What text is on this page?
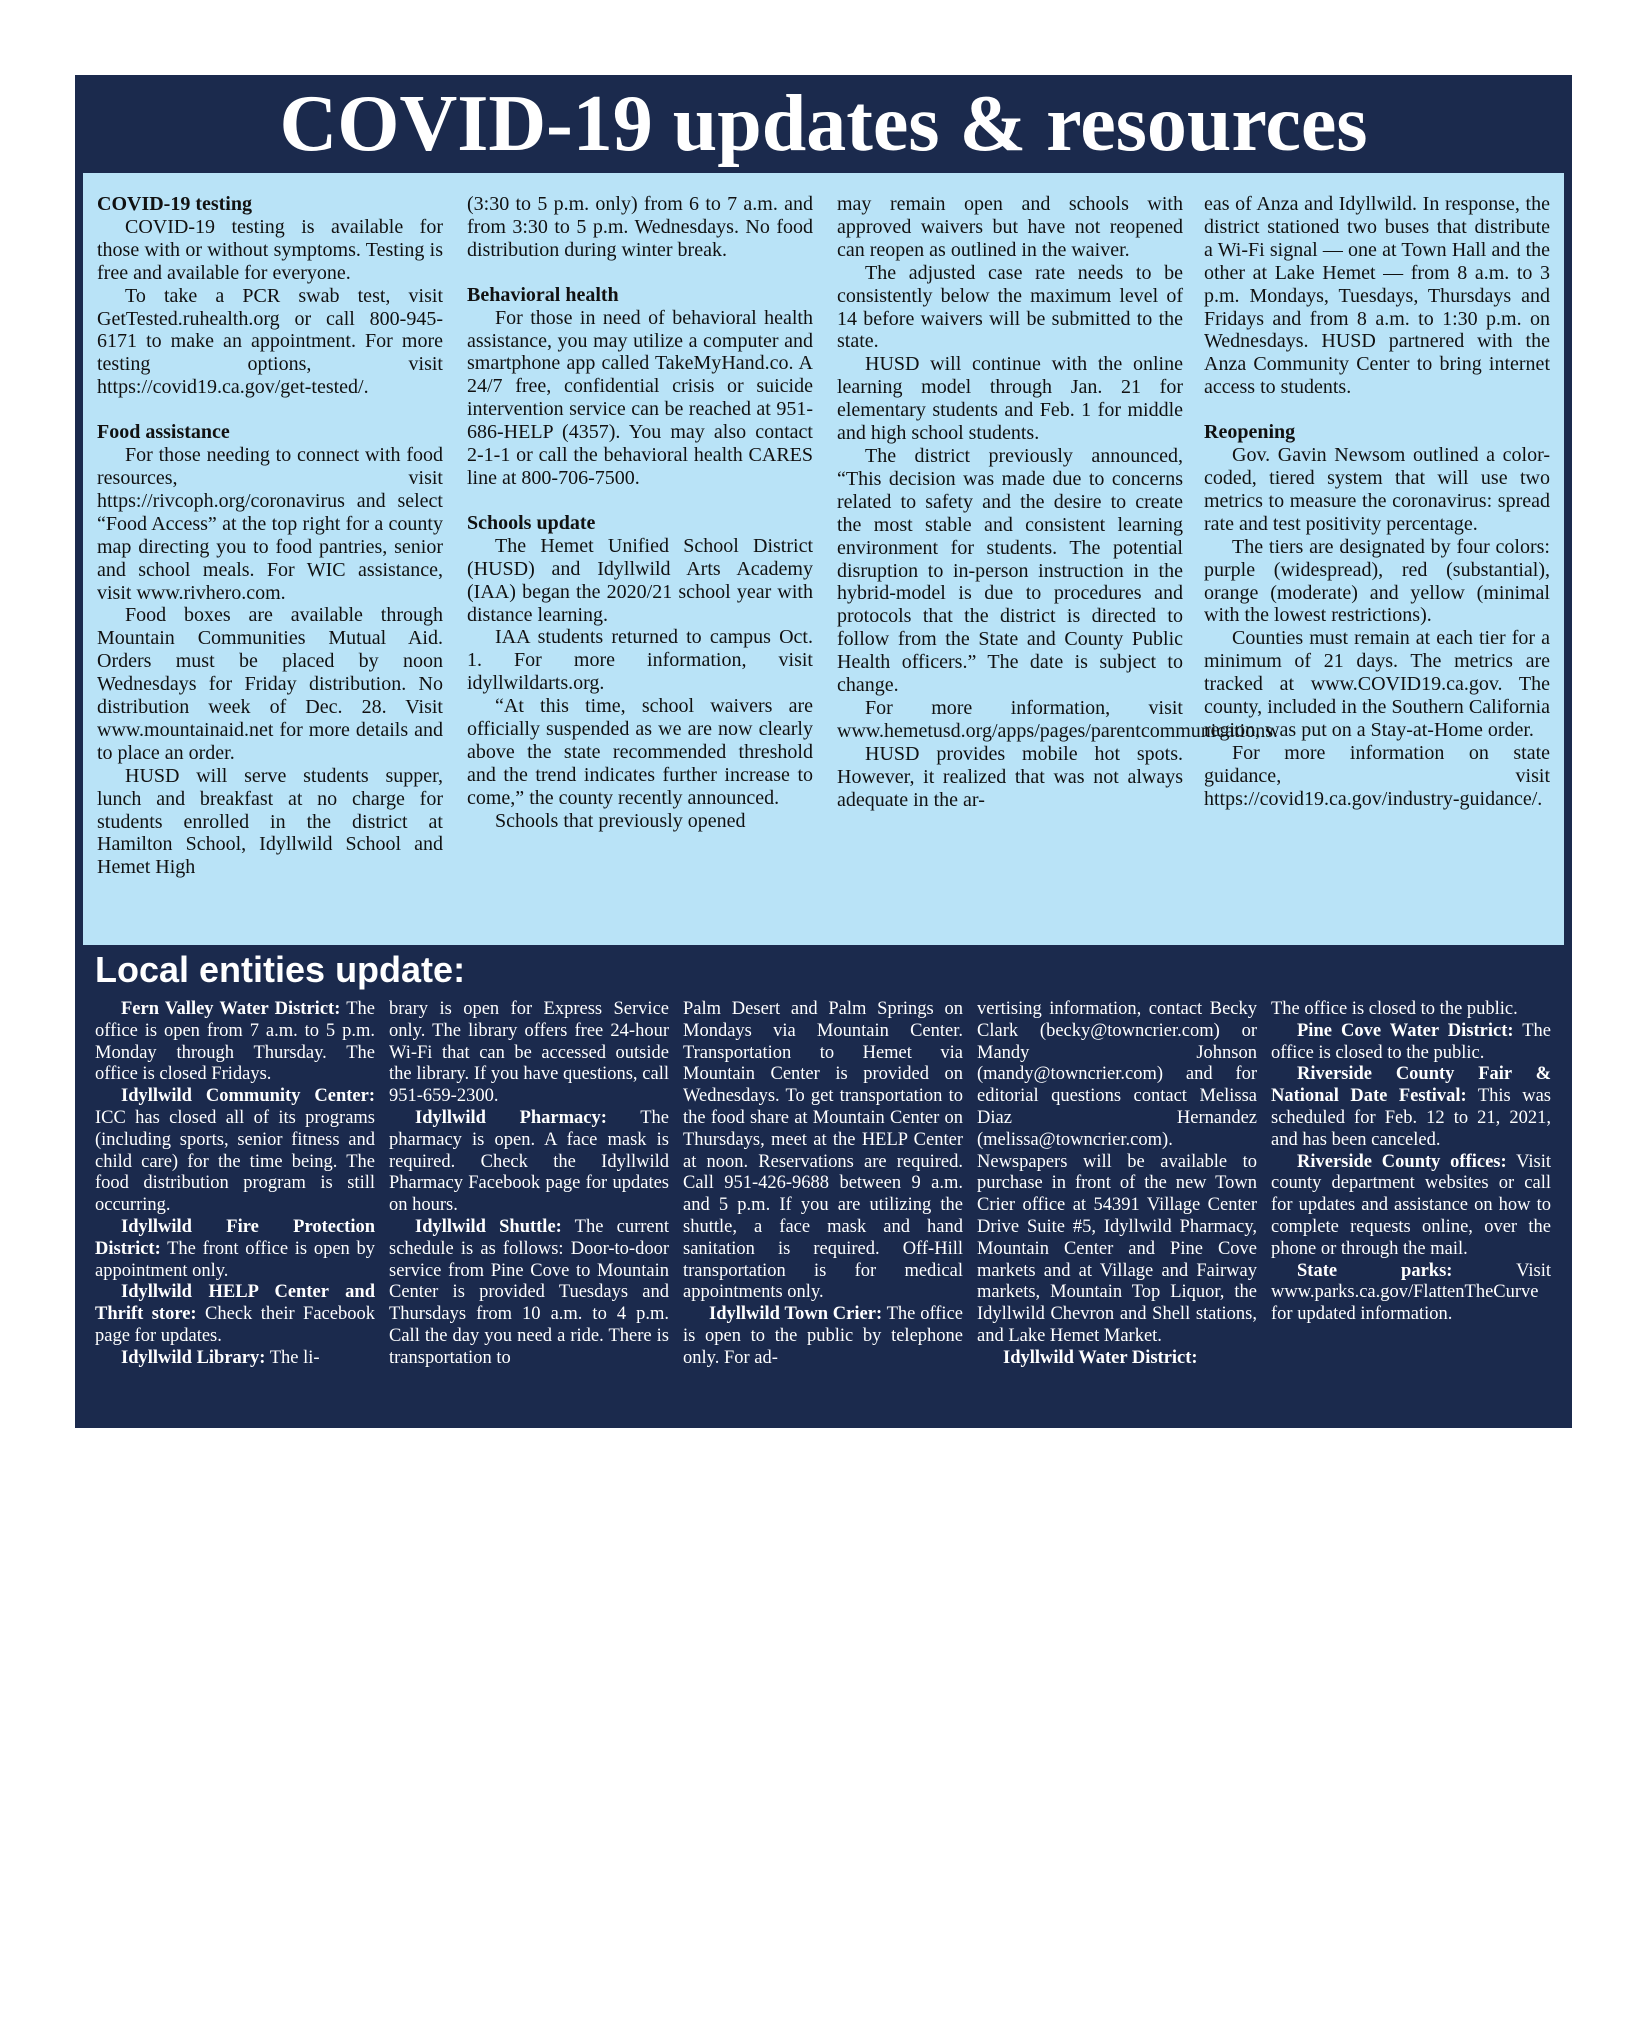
COVID-19 updates & resources
COVID-19 testing

COVID-19 testing is available for those with or without symptoms. Testing is free and available for everyone.

To take a PCR swab test, visit GetTested.ruhealth.org or call 800-945-6171 to make an appointment. For more testing options, visit https://covid19.ca.gov/get-tested/.

Food assistance

For those needing to connect with food resources, visit https://rivcoph.org/coronavirus and select “Food Access” at the top right for a county map directing you to food pantries, senior and school meals. For WIC assistance, visit www.rivhero.com.

Food boxes are available through Mountain Communities Mutual Aid. Orders must be placed by noon Wednesdays for Friday distribution. No distribution week of Dec. 28. Visit www.mountainaid.net for more details and to place an order.

HUSD will serve students supper, lunch and breakfast at no charge for students enrolled in the district at Hamilton School, Idyllwild School and Hemet High

(3:30 to 5 p.m. only) from 6 to 7 a.m. and from 3:30 to 5 p.m. Wednesdays. No food distribution during winter break.

Behavioral health

For those in need of behavioral health assistance, you may utilize a computer and smartphone app called TakeMyHand.co. A 24/7 free, confidential crisis or suicide intervention service can be reached at 951-686-HELP (4357). You may also contact 2-1-1 or call the behavioral health CARES line at 800-706-7500.

Schools update

The Hemet Unified School District (HUSD) and Idyllwild Arts Academy (IAA) began the 2020/21 school year with distance learning.

IAA students returned to campus Oct. 1. For more information, visit idyllwildarts.org.

“At this time, school waivers are officially suspended as we are now clearly above the state recommended threshold and the trend indicates further increase to come,” the county recently announced.

Schools that previously opened

may remain open and schools with approved waivers but have not reopened can reopen as outlined in the waiver.

The adjusted case rate needs to be consistently below the maximum level of 14 before waivers will be submitted to the state.

HUSD will continue with the online learning model through Jan. 21 for elementary students and Feb. 1 for middle and high school students.

The district previously announced, “This decision was made due to concerns related to safety and the desire to create the most stable and consistent learning environment for students. The potential disruption to in-person instruction in the hybrid-model is due to procedures and protocols that the district is directed to follow from the State and County Public Health officers.” The date is subject to change.

For more information, visit www.hemetusd.org/apps/pages/parentcommunications.

HUSD provides mobile hot spots. However, it realized that was not always adequate in the ar-

eas of Anza and Idyllwild. In response, the district stationed two buses that distribute a Wi-Fi signal — one at Town Hall and the other at Lake Hemet — from 8 a.m. to 3 p.m. Mondays, Tuesdays, Thursdays and Fridays and from 8 a.m. to 1:30 p.m. on Wednesdays. HUSD partnered with the Anza Community Center to bring internet access to students.

Reopening

Gov. Gavin Newsom outlined a color-coded, tiered system that will use two metrics to measure the coronavirus: spread rate and test positivity percentage.

The tiers are designated by four colors: purple (widespread), red (substantial), orange (moderate) and yellow (minimal with the lowest restrictions).

Counties must remain at each tier for a minimum of 21 days. The metrics are tracked at www.COVID19.ca.gov. The county, included in the Southern California region, was put on a Stay-at-Home order.

For more information on state guidance, visit https://covid19.ca.gov/industry-guidance/.

Local entities update:

Fern Valley Water District: The office is open from 7 a.m. to 5 p.m. Monday through Thursday. The office is closed Fridays.

Idyllwild Community Center: ICC has closed all of its programs (including sports, senior fitness and child care) for the time being. The food distribution program is still occurring.

Idyllwild Fire Protection District: The front office is open by appointment only.

Idyllwild HELP Center and Thrift store: Check their Facebook page for updates.

Idyllwild Library: The li-

brary is open for Express Service only. The library offers free 24-hour Wi-Fi that can be accessed outside the library. If you have questions, call 951-659-2300.

Idyllwild Pharmacy: The pharmacy is open. A face mask is required. Check the Idyllwild Pharmacy Facebook page for updates on hours.

Idyllwild Shuttle: The current schedule is as follows: Door-to-door service from Pine Cove to Mountain Center is provided Tuesdays and Thursdays from 10 a.m. to 4 p.m. Call the day you need a ride. There is transportation to

Palm Desert and Palm Springs on Mondays via Mountain Center. Transportation to Hemet via Mountain Center is provided on Wednesdays. To get transportation to the food share at Mountain Center on Thursdays, meet at the HELP Center at noon. Reservations are required. Call 951-426-9688 between 9 a.m. and 5 p.m. If you are utilizing the shuttle, a face mask and hand sanitation is required. Off-Hill transportation is for medical appointments only.

Idyllwild Town Crier: The office is open to the public by telephone only. For ad-

vertising information, contact Becky Clark (becky@towncrier.com) or Mandy Johnson (mandy@towncrier.com) and for editorial questions contact Melissa Diaz Hernandez (melissa@towncrier.com). Newspapers will be available to purchase in front of the new Town Crier office at 54391 Village Center Drive Suite #5, Idyllwild Pharmacy, Mountain Center and Pine Cove markets and at Village and Fairway markets, Mountain Top Liquor, the Idyllwild Chevron and Shell stations, and Lake Hemet Market.

Idyllwild Water District:

The office is closed to the public.

Pine Cove Water District: The office is closed to the public.

Riverside County Fair & National Date Festival: This was scheduled for Feb. 12 to 21, 2021, and has been canceled.

Riverside County offices: Visit county department websites or call for updates and assistance on how to complete requests online, over the phone or through the mail.

State parks: Visit www.parks.ca.gov/FlattenTheCurve for updated information.
